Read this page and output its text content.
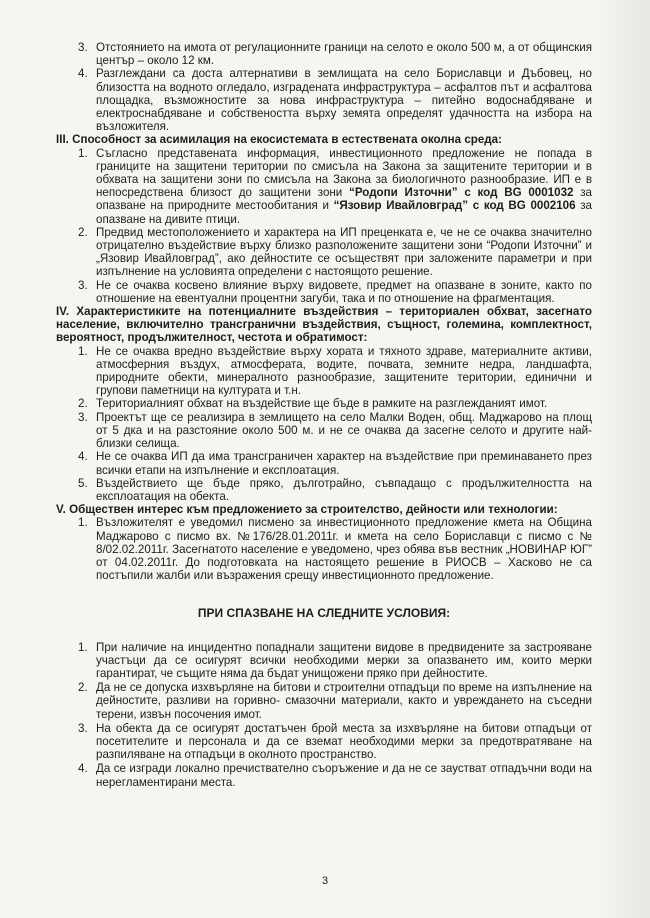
3. Отстоянието на имота от регулационните граници на селото е около 500 м, а от общинския център – около 12 км.
4. Разглеждани са доста алтернативи в землищата на село Бориславци и Дъбовец, но близостта на водното огледало, изградената инфраструктура – асфалтов път и асфалтова площадка, възможностите за нова инфраструктура – питейно водоснабдяване и електроснабдяване и собствеността върху земята определят удачността на избора на възложителя.
III. Способност за асимилация на екосистемата в естествената околна среда:
1. Съгласно представената информация, инвестиционното предложение не попада в границите на защитени територии по смисъла на Закона за защитените територии и в обхвата на защитени зони по смисъла на Закона за биологичното разнообразие. ИП е в непосредствена близост до защитени зони “Родопи Източни” с код BG 0001032 за опазване на природните местообитания и “Язовир Ивайловград” с код BG 0002106 за опазване на дивите птици.
2. Предвид местоположението и характера на ИП преценката е, че не се очаква значително отрицателно въздействие върху близко разположените защитени зони “Родопи Източни” и „Язовир Ивайловград”, ако дейностите се осъществят при заложените параметри и при изпълнение на условията определени с настоящото решение.
3. Не се очаква косвено влияние върху видовете, предмет на опазване в зоните, както по отношение на евентуални процентни загуби, така и по отношение на фрагментация.
IV. Характеристиките на потенциалните въздействия – териториален обхват, засегнато население, включително трансгранични въздействия, същност, големина, комплектност, вероятност, продължителност, честота и обратимост:
1. Не се очаква вредно въздействие върху хората и тяхното здраве, материалните активи, атмосферния въздух, атмосферата, водите, почвата, земните недра, ландшафта, природните обекти, минералното разнообразие, защитените територии, единични и групови паметници на културата и т.н.
2. Териториалният обхват на въздействие ще бъде в рамките на разглежданият имот.
3. Проектът ще се реализира в землището на село Малки Воден, общ. Маджарово на площ от 5 дка и на разстояние около 500 м. и не се очаква да засегне селото и другите най-близки селища.
4. Не се очаква ИП да има трансграничен характер на въздействие при преминаването през всички етапи на изпълнение и експлоатация.
5. Въздействието ще бъде пряко, дълготрайно, съвпадащо с продължителността на експлоатация на обекта.
V. Обществен интерес към предложението за строителство, дейности или технологии:
1. Възложителят е уведомил писмено за инвестиционното предложение кмета на Община Маджарово с писмо вх. №176/28.01.2011г. и кмета на село Бориславци с писмо с № 8/02.02.2011г. Засегнатото население е уведомено, чрез обява във вестник „НОВИНАР ЮГ” от 04.02.2011г. До подготовката на настоящето решение в РИОСВ – Хасково не са постъпили жалби или възражения срещу инвестиционното предложение.
ПРИ СПАЗВАНЕ НА СЛЕДНИТЕ УСЛОВИЯ:
1. При наличие на инцидентно попаднали защитени видове в предвидените за застрояване участъци да се осигурят всички необходими мерки за опазването им, които мерки гарантират, че същите няма да бъдат унищожени пряко при дейностите.
2. Да не се допуска изхвърляне на битови и строителни отпадъци по време на изпълнение на дейностите, разливи на горивно- смазочни материали, както и увреждането на съседни терени, извън посочения имот.
3. На обекта да се осигурят достатъчен брой места за изхвърляне на битови отпадъци от посетителите и персонала и да се вземат необходими мерки за предотвратяване на разпиляване на отпадъци в околното пространство.
4. Да се изгради локално пречиствателно съоръжение и да не се заустват отпадъчни води на нерегламентирани места.
3
